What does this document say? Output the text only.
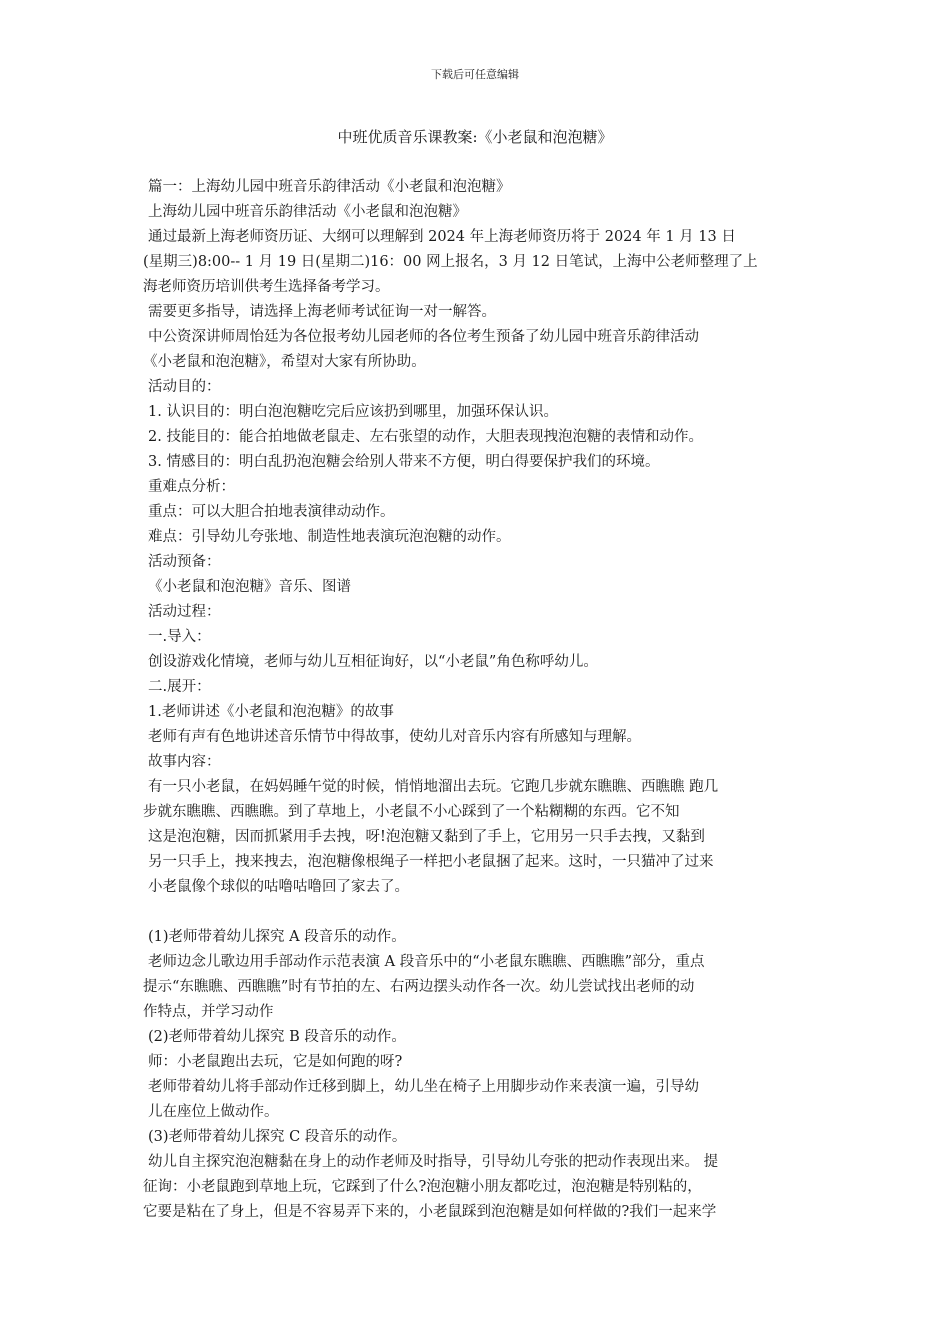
下载后可任意编辑
中班优质音乐课教案:《小老鼠和泡泡糖》

篇一：上海幼儿园中班音乐韵律活动《小老鼠和泡泡糖》

上海幼儿园中班音乐韵律活动《小老鼠和泡泡糖》

通过最新上海老师资历证、大纲可以理解到 2024 年上海老师资历将于 2024 年 1 月 13 日

(星期三)8:00-- 1 月 19 日(星期二)16：00 网上报名，3 月 12 日笔试，上海中公老师整理了上

海老师资历培训供考生选择备考学习。

需要更多指导，请选择上海老师考试征询一对一解答。

中公资深讲师周怡廷为各位报考幼儿园老师的各位考生预备了幼儿园中班音乐韵律活动

《小老鼠和泡泡糖》，希望对大家有所协助。

活动目的：

1. 认识目的：明白泡泡糖吃完后应该扔到哪里，加强环保认识。

2. 技能目的：能合拍地做老鼠走、左右张望的动作，大胆表现拽泡泡糖的表情和动作。

3. 情感目的：明白乱扔泡泡糖会给别人带来不方便，明白得要保护我们的环境。

重难点分析：

重点：可以大胆合拍地表演律动动作。

难点：引导幼儿夸张地、制造性地表演玩泡泡糖的动作。

活动预备：

《小老鼠和泡泡糖》音乐、图谱

活动过程：

一.导入：

创设游戏化情境，老师与幼儿互相征询好，以“小老鼠”角色称呼幼儿。

二.展开：

1.老师讲述《小老鼠和泡泡糖》的故事

老师有声有色地讲述音乐情节中得故事，使幼儿对音乐内容有所感知与理解。

故事内容：

有一只小老鼠，在妈妈睡午觉的时候，悄悄地溜出去玩。它跑几步就东瞧瞧、西瞧瞧 跑几

步就东瞧瞧、西瞧瞧。到了草地上，小老鼠不小心踩到了一个粘糊糊的东西。它不知

这是泡泡糖，因而抓紧用手去拽，呀!泡泡糖又黏到了手上，它用另一只手去拽，又黏到

另一只手上，拽来拽去，泡泡糖像根绳子一样把小老鼠捆了起来。这时，一只猫冲了过来

小老鼠像个球似的咕噜咕噜回了家去了。

(1)老师带着幼儿探究 A 段音乐的动作。

老师边念儿歌边用手部动作示范表演 A 段音乐中的“小老鼠东瞧瞧、西瞧瞧”部分，重点

提示“东瞧瞧、西瞧瞧”时有节拍的左、右两边摆头动作各一次。幼儿尝试找出老师的动

作特点，并学习动作

(2)老师带着幼儿探究 B 段音乐的动作。

师：小老鼠跑出去玩，它是如何跑的呀?

老师带着幼儿将手部动作迁移到脚上，幼儿坐在椅子上用脚步动作来表演一遍，引导幼

儿在座位上做动作。

(3)老师带着幼儿探究 C 段音乐的动作。

幼儿自主探究泡泡糖黏在身上的动作老师及时指导，引导幼儿夸张的把动作表现出来。 提

征询：小老鼠跑到草地上玩，它踩到了什么?泡泡糖小朋友都吃过，泡泡糖是特别粘的，

它要是粘在了身上，但是不容易弄下来的，小老鼠踩到泡泡糖是如何样做的?我们一起来学
